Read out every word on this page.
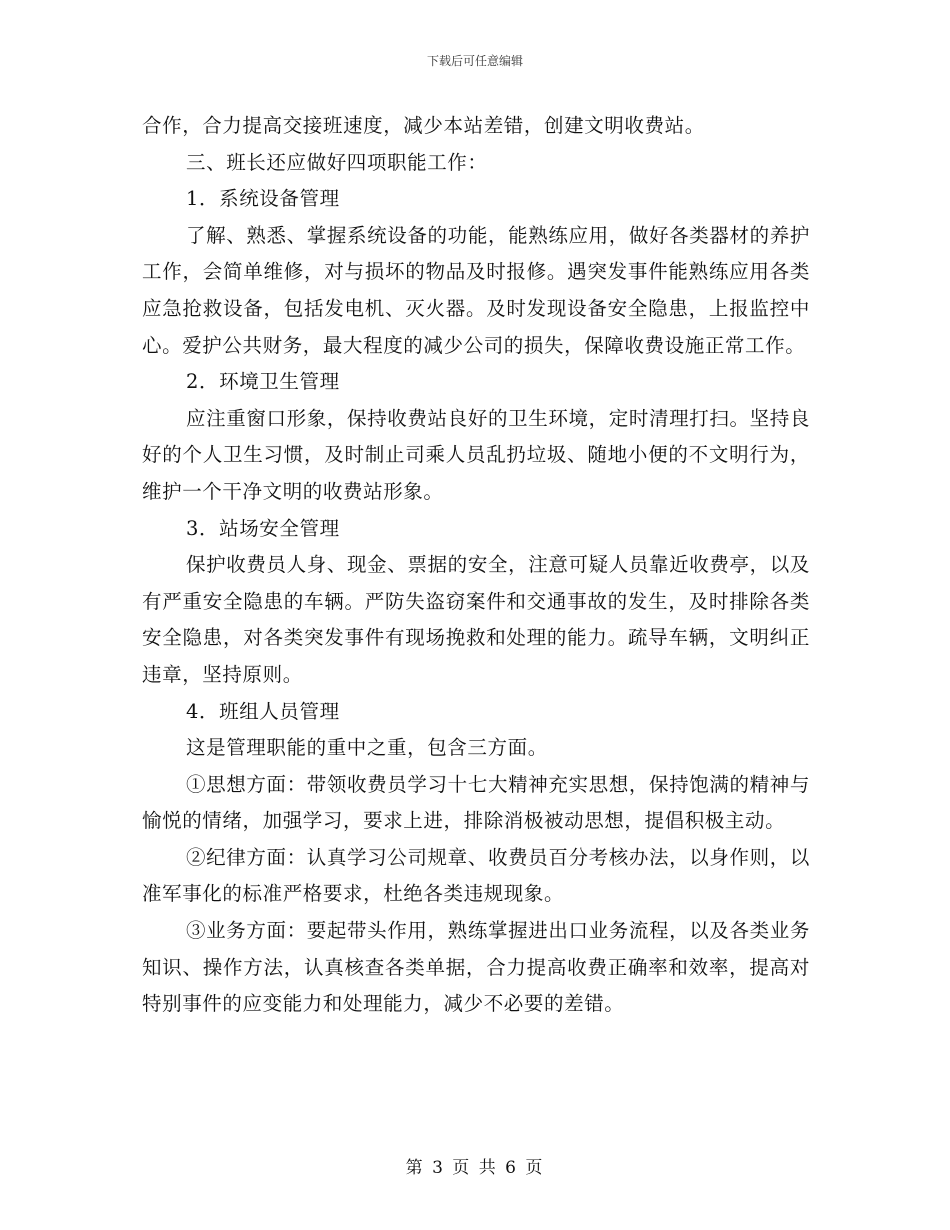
下载后可任意编辑

合作，合力提高交接班速度，减少本站差错，创建文明收费站。

三、班长还应做好四项职能工作：

1．系统设备管理

了解、熟悉、掌握系统设备的功能，能熟练应用，做好各类器材的养护工作，会简单维修，对与损坏的物品及时报修。遇突发事件能熟练应用各类应急抢救设备，包括发电机、灭火器。及时发现设备安全隐患，上报监控中心。爱护公共财务，最大程度的减少公司的损失，保障收费设施正常工作。

2．环境卫生管理

应注重窗口形象，保持收费站良好的卫生环境，定时清理打扫。坚持良好的个人卫生习惯，及时制止司乘人员乱扔垃圾、随地小便的不文明行为，维护一个干净文明的收费站形象。

3．站场安全管理

保护收费员人身、现金、票据的安全，注意可疑人员靠近收费亭，以及有严重安全隐患的车辆。严防失盗窃案件和交通事故的发生，及时排除各类安全隐患，对各类突发事件有现场挽救和处理的能力。疏导车辆，文明纠正违章，坚持原则。

4．班组人员管理

这是管理职能的重中之重，包含三方面。

①思想方面：带领收费员学习十七大精神充实思想，保持饱满的精神与愉悦的情绪，加强学习，要求上进，排除消极被动思想，提倡积极主动。

②纪律方面：认真学习公司规章、收费员百分考核办法，以身作则，以准军事化的标准严格要求，杜绝各类违规现象。

③业务方面：要起带头作用，熟练掌握进出口业务流程，以及各类业务知识、操作方法，认真核查各类单据，合力提高收费正确率和效率，提高对特别事件的应变能力和处理能力，减少不必要的差错。

第 3 页 共 6 页
